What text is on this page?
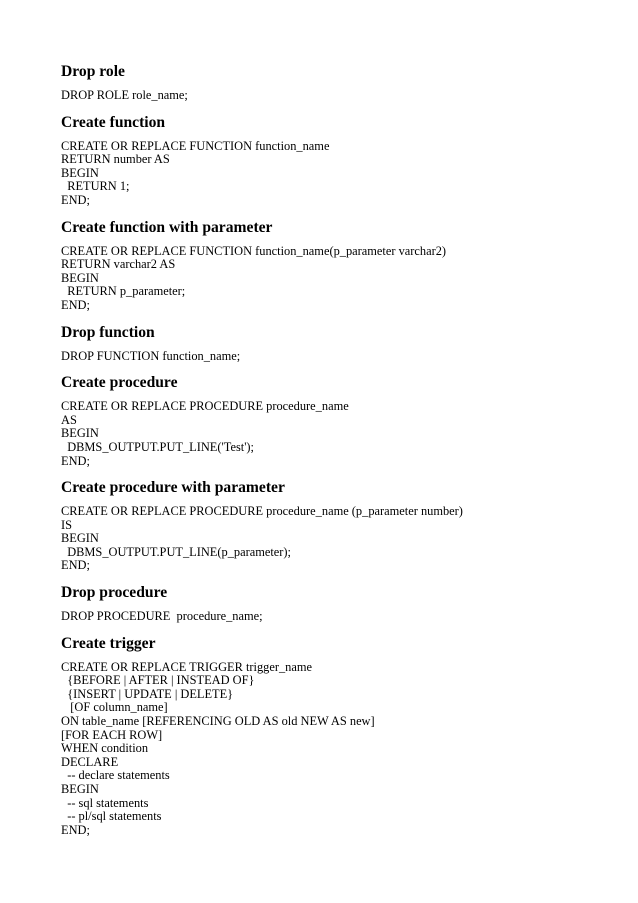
Drop role
DROP ROLE role_name;
Create function
CREATE OR REPLACE FUNCTION function_name
RETURN number AS
BEGIN
RETURN 1;
END;
Create function with parameter
CREATE OR REPLACE FUNCTION function_name(p_parameter varchar2)
RETURN varchar2 AS
BEGIN
RETURN p_parameter;
END;
Drop function
DROP FUNCTION function_name;
Create procedure
CREATE OR REPLACE PROCEDURE procedure_name
AS
BEGIN
DBMS_OUTPUT.PUT_LINE('Test');
END;
Create procedure with parameter
CREATE OR REPLACE PROCEDURE procedure_name (p_parameter number)
IS
BEGIN
DBMS_OUTPUT.PUT_LINE(p_parameter);
END;
Drop procedure
DROP PROCEDURE  procedure_name;
Create trigger
CREATE OR REPLACE TRIGGER trigger_name
{BEFORE | AFTER | INSTEAD OF}
{INSERT | UPDATE | DELETE}
[OF column_name]
ON table_name [REFERENCING OLD AS old NEW AS new]
[FOR EACH ROW]
WHEN condition
DECLARE
-- declare statements
BEGIN
-- sql statements
-- pl/sql statements
END;
